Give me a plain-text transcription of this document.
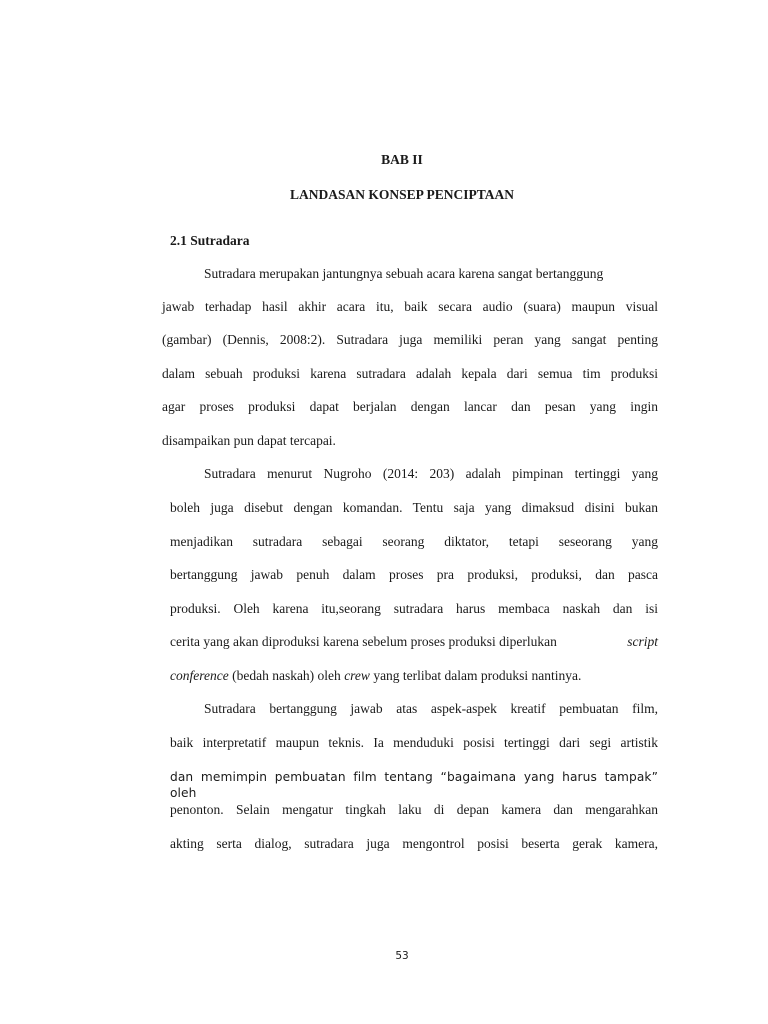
BAB II
LANDASAN KONSEP PENCIPTAAN
2.1 Sutradara
Sutradara merupakan jantungnya sebuah acara karena sangat bertanggung
jawab terhadap hasil akhir acara itu, baik secara audio (suara) maupun visual
(gambar) (Dennis, 2008:2). Sutradara juga memiliki peran yang sangat penting
dalam sebuah produksi karena sutradara adalah kepala dari semua tim produksi
agar proses produksi dapat berjalan dengan lancar dan pesan yang ingin
disampaikan pun dapat tercapai.
Sutradara menurut Nugroho (2014: 203) adalah pimpinan tertinggi yang
boleh juga disebut dengan komandan. Tentu saja yang dimaksud disini bukan
menjadikan sutradara sebagai seorang diktator, tetapi seseorang yang
bertanggung jawab penuh dalam proses pra produksi, produksi, dan pasca
produksi. Oleh karena itu,seorang sutradara harus membaca naskah dan isi
cerita yang akan diproduksi karena sebelum proses produksi diperlukan	script
conference (bedah naskah) oleh crew yang terlibat dalam produksi nantinya.
Sutradara bertanggung jawab atas aspek-aspek kreatif pembuatan film,
baik interpretatif maupun teknis. Ia menduduki posisi tertinggi dari segi artistik
dan memimpin pembuatan film tentang “bagaimana yang harus tampak” oleh
penonton. Selain mengatur tingkah laku di depan kamera dan mengarahkan
akting serta dialog, sutradara juga mengontrol posisi beserta gerak kamera,
53
